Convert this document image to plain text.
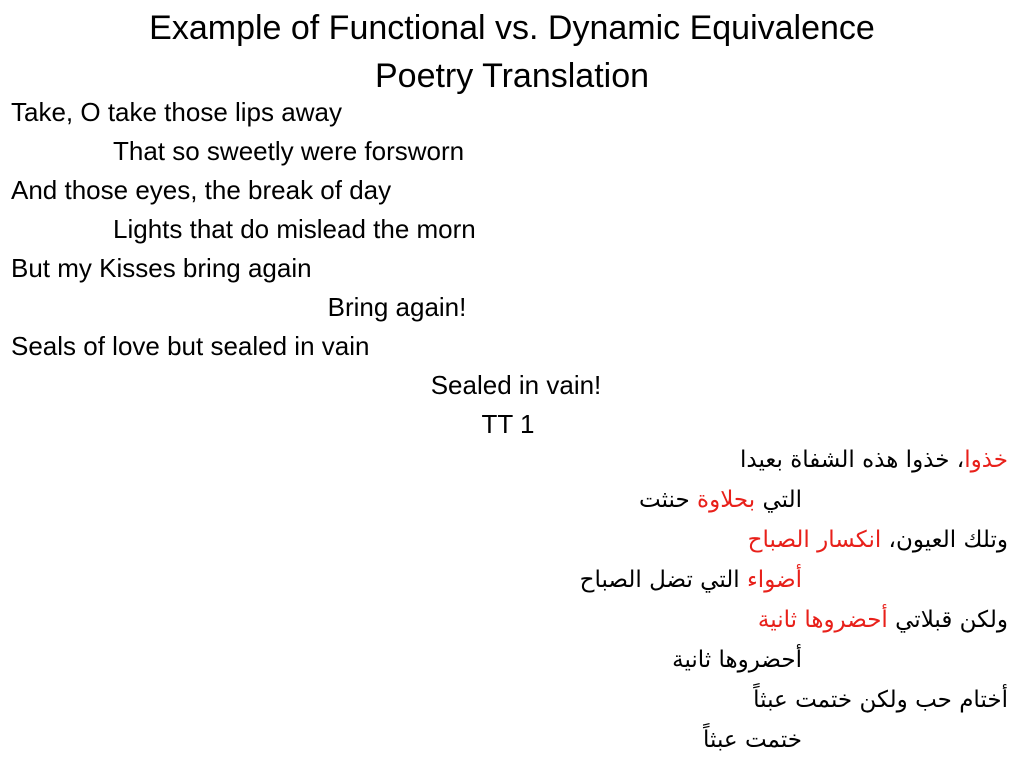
Example of Functional vs. Dynamic Equivalence
Poetry Translation
Take, O take those lips away
That so sweetly were forsworn
And those eyes, the break of day
Lights that do mislead the morn
But my Kisses bring again
Bring again!
Seals of love but sealed in vain
Sealed in vain!
TT 1
خذوا، خذوا هذه الشفاة بعيدا
التي بحلاوة حنثت
وتلك العيون، انكسار الصباح
أضواء التي تضل الصباح
ولكن قبلاتي أحضروها ثانية
أحضروها ثانية
أختام حب ولكن ختمت عبثاً
ختمت عبثاً
